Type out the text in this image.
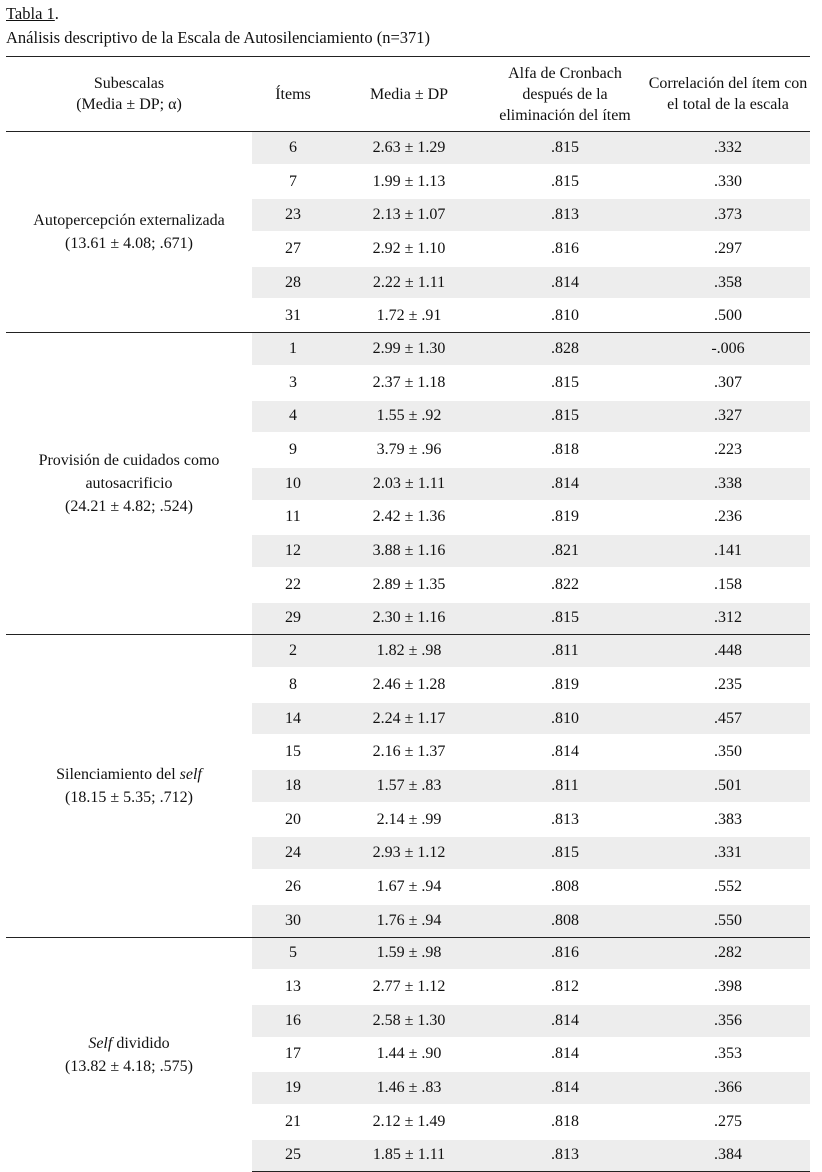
Tabla 1.
Análisis descriptivo de la Escala de Autosilenciamiento (n=371)
Subescalas
(Media ± DP; α)	Ítems	Media ± DP	Alfa de Cronbach después de la eliminación del ítem	Correlación del ítem con el total de la escala

Autopercepción externalizada
(13.61 ± 4.08; .671)	6	2.63 ± 1.29	.815	.332
	7	1.99 ± 1.13	.815	.330
	23	2.13 ± 1.07	.813	.373
	27	2.92 ± 1.10	.816	.297
	28	2.22 ± 1.11	.814	.358
	31	1.72 ± .91	.810	.500

Provisión de cuidados como autosacrificio
(24.21 ± 4.82; .524)	1	2.99 ± 1.30	.828	-.006
	3	2.37 ± 1.18	.815	.307
	4	1.55 ± .92	.815	.327
	9	3.79 ± .96	.818	.223
	10	2.03 ± 1.11	.814	.338
	11	2.42 ± 1.36	.819	.236
	12	3.88 ± 1.16	.821	.141
	22	2.89 ± 1.35	.822	.158
	29	2.30 ± 1.16	.815	.312

Silenciamiento del self
(18.15 ± 5.35; .712)	2	1.82 ± .98	.811	.448
	8	2.46 ± 1.28	.819	.235
	14	2.24 ± 1.17	.810	.457
	15	2.16 ± 1.37	.814	.350
	18	1.57 ± .83	.811	.501
	20	2.14 ± .99	.813	.383
	24	2.93 ± 1.12	.815	.331
	26	1.67 ± .94	.808	.552
	30	1.76 ± .94	.808	.550

Self dividido
(13.82 ± 4.18; .575)	5	1.59 ± .98	.816	.282
	13	2.77 ± 1.12	.812	.398
	16	2.58 ± 1.30	.814	.356
	17	1.44 ± .90	.814	.353
	19	1.46 ± .83	.814	.366
	21	2.12 ± 1.49	.818	.275
	25	1.85 ± 1.11	.813	.384
